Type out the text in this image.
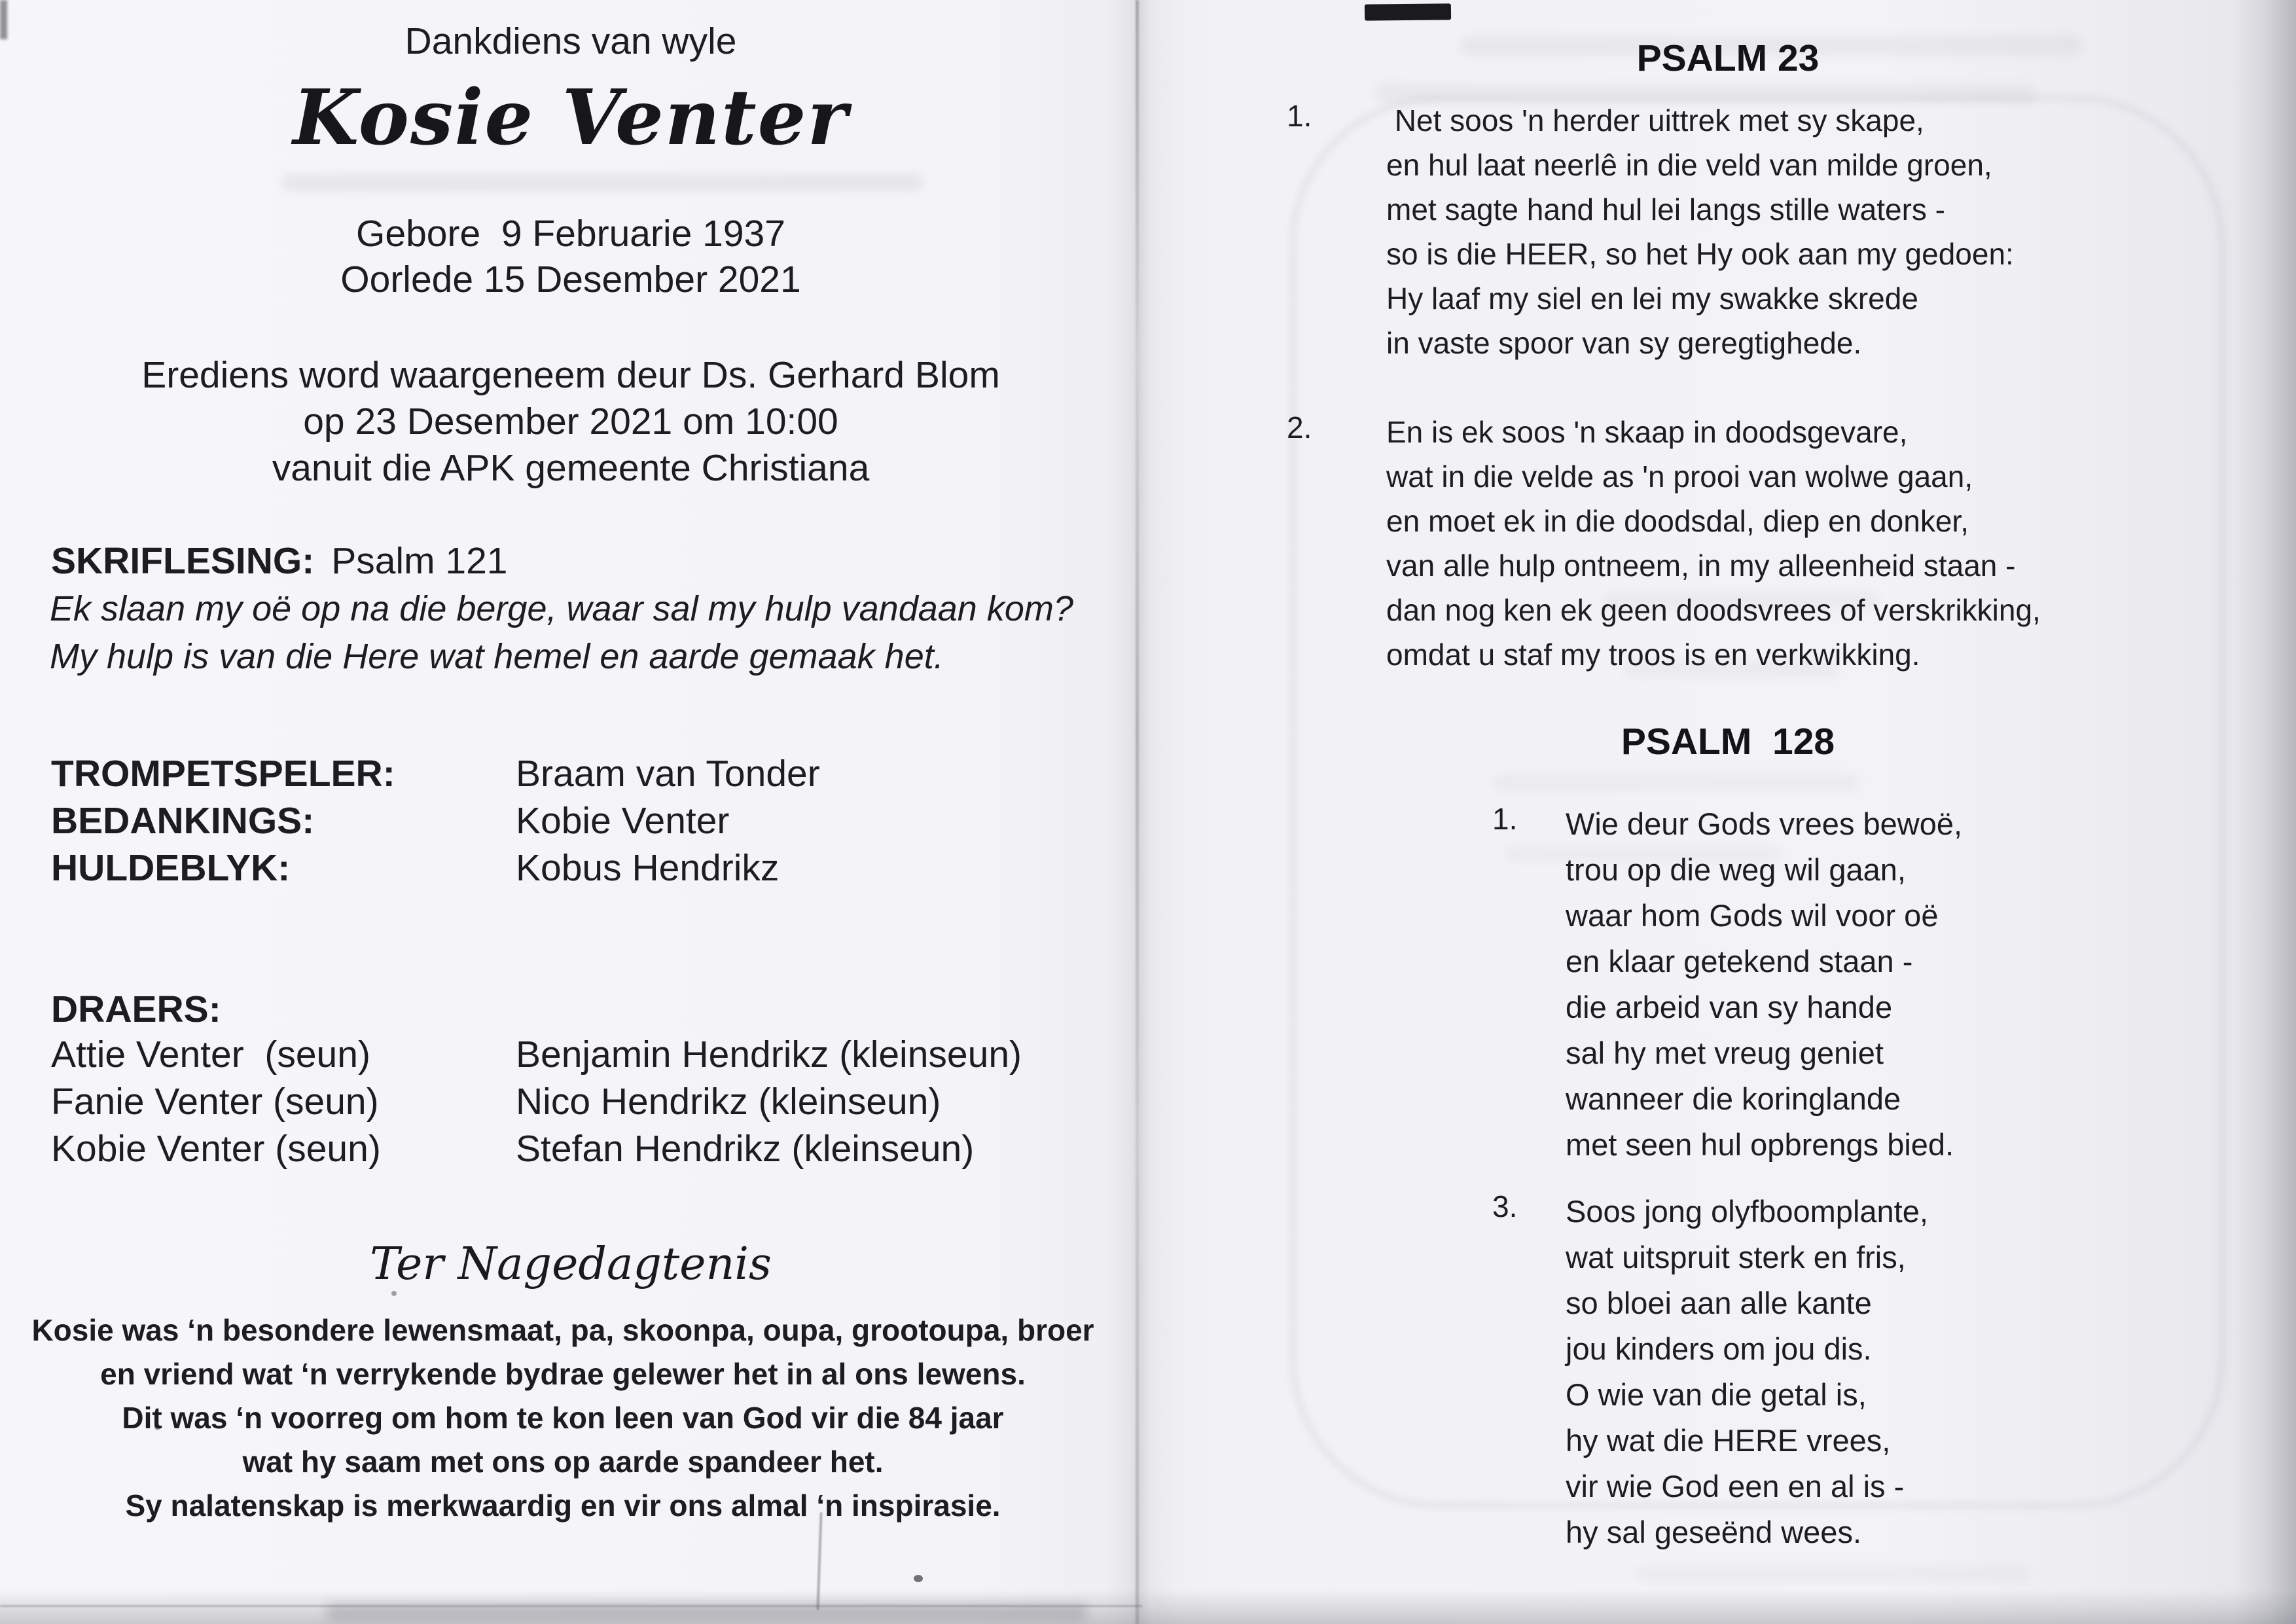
Dankdiens van wyle
Kosie Venter
Gebore  9 Februarie 1937
Oorlede 15 Desember 2021
Erediens word waargeneem deur Ds. Gerhard Blom
op 23 Desember 2021 om 10:00
vanuit die APK gemeente Christiana
SKRIFLESING: Psalm 121
Ek slaan my oë op na die berge, waar sal my hulp vandaan kom?
My hulp is van die Here wat hemel en aarde gemaak het.
TROMPETSPELER:	Braam van Tonder
BEDANKINGS:	Kobie Venter
HULDEBLYK:	Kobus Hendrikz
DRAERS:
Attie Venter  (seun)	Benjamin Hendrikz (kleinseun)
Fanie Venter (seun)	Nico Hendrikz (kleinseun)
Kobie Venter (seun)	Stefan Hendrikz (kleinseun)
Ter Nagedagtenis
Kosie was ‘n besondere lewensmaat, pa, skoonpa, oupa, grootoupa, broer
en vriend wat ‘n verrykende bydrae gelewer het in al ons lewens.
Dit was ‘n voorreg om hom te kon leen van God vir die 84 jaar
wat hy saam met ons op aarde spandeer het.
Sy nalatenskap is merkwaardig en vir ons almal ‘n inspirasie.
PSALM 23
1. Net soos 'n herder uittrek met sy skape,
en hul laat neerlê in die veld van milde groen,
met sagte hand hul lei langs stille waters -
so is die HEER, so het Hy ook aan my gedoen:
Hy laaf my siel en lei my swakke skrede
in vaste spoor van sy geregtighede.
2. En is ek soos 'n skaap in doodsgevare,
wat in die velde as 'n prooi van wolwe gaan,
en moet ek in die doodsdal, diep en donker,
van alle hulp ontneem, in my alleenheid staan -
dan nog ken ek geen doodsvrees of verskrikking,
omdat u staf my troos is en verkwikking.
PSALM  128
1. Wie deur Gods vrees bewoë,
trou op die weg wil gaan,
waar hom Gods wil voor oë
en klaar getekend staan -
die arbeid van sy hande
sal hy met vreug geniet
wanneer die koringlande
met seen hul opbrengs bied.
3. Soos jong olyfboomplante,
wat uitspruit sterk en fris,
so bloei aan alle kante
jou kinders om jou dis.
O wie van die getal is,
hy wat die HERE vrees,
vir wie God een en al is -
hy sal geseënd wees.
